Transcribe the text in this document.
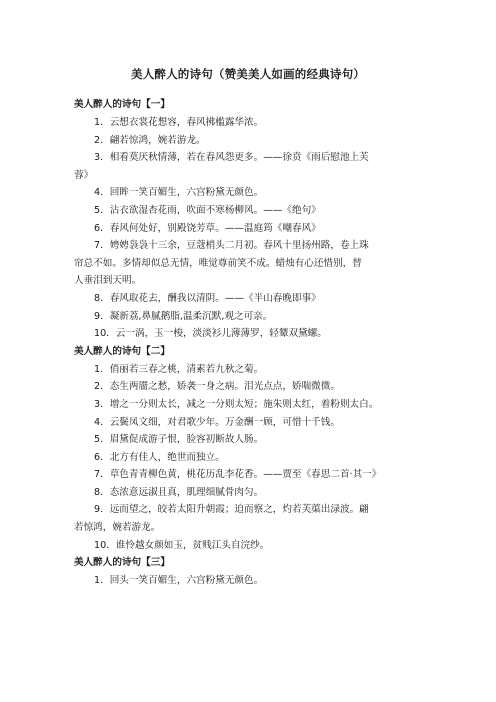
美人醉人的诗句（赞美美人如画的经典诗句）
美人醉人的诗句【一】
1．云想衣裳花想容，春风拂槛露华浓。
2．翩若惊鸿，婉若游龙。
3．相看莫厌秋情薄，若在春风怨更多。——徐贲《雨后慰池上芙
蓉》
4．回眸一笑百媚生，六宫粉黛无颜色。
5．沾衣欲湿杏花雨，吹面不寒杨柳风。——《绝句》
6．春风何处好，别殿饶芳草。——温庭筠《嘲春风》
7．娉娉袅袅十三余，豆蔻梢头二月初。春风十里扬州路，卷上珠
帘总不如。多情却似总无情，唯觉尊前笑不成。蜡烛有心还惜别，替
人垂泪到天明。
8．春风取花去，酬我以清阴。——《半山春晚即事》
9．凝新荔,鼻腻鹅脂,温柔沉默,观之可亲。
10．云一涡，玉一梭，淡淡衫儿薄薄罗，轻颦双黛螺。
美人醉人的诗句【二】
1．俏丽若三春之桃，清素若九秋之菊。
2．态生两靥之愁，娇袭一身之病。泪光点点，娇喘微微。
3．增之一分则太长，减之一分则太短；施朱则太红，着粉则太白。
4．云鬓凤文细，对君歌少年。万金酬一顾，可惜十千钱。
5．眉黛促成游子恨，脸容初断故人肠。
6．北方有佳人，绝世而独立。
7．草色青青柳色黄，桃花历乱李花香。——贾至《春思二首·其一》
8．态浓意远淑且真，肌理细腻骨肉匀。
9．远而望之，皎若太阳升朝霞；迫而察之，灼若芙蕖出渌波。翩
若惊鸿，婉若游龙。
10．谁怜越女颜如玉，贫贱江头自浣纱。
美人醉人的诗句【三】
1．回头一笑百媚生，六宫粉黛无颜色。
